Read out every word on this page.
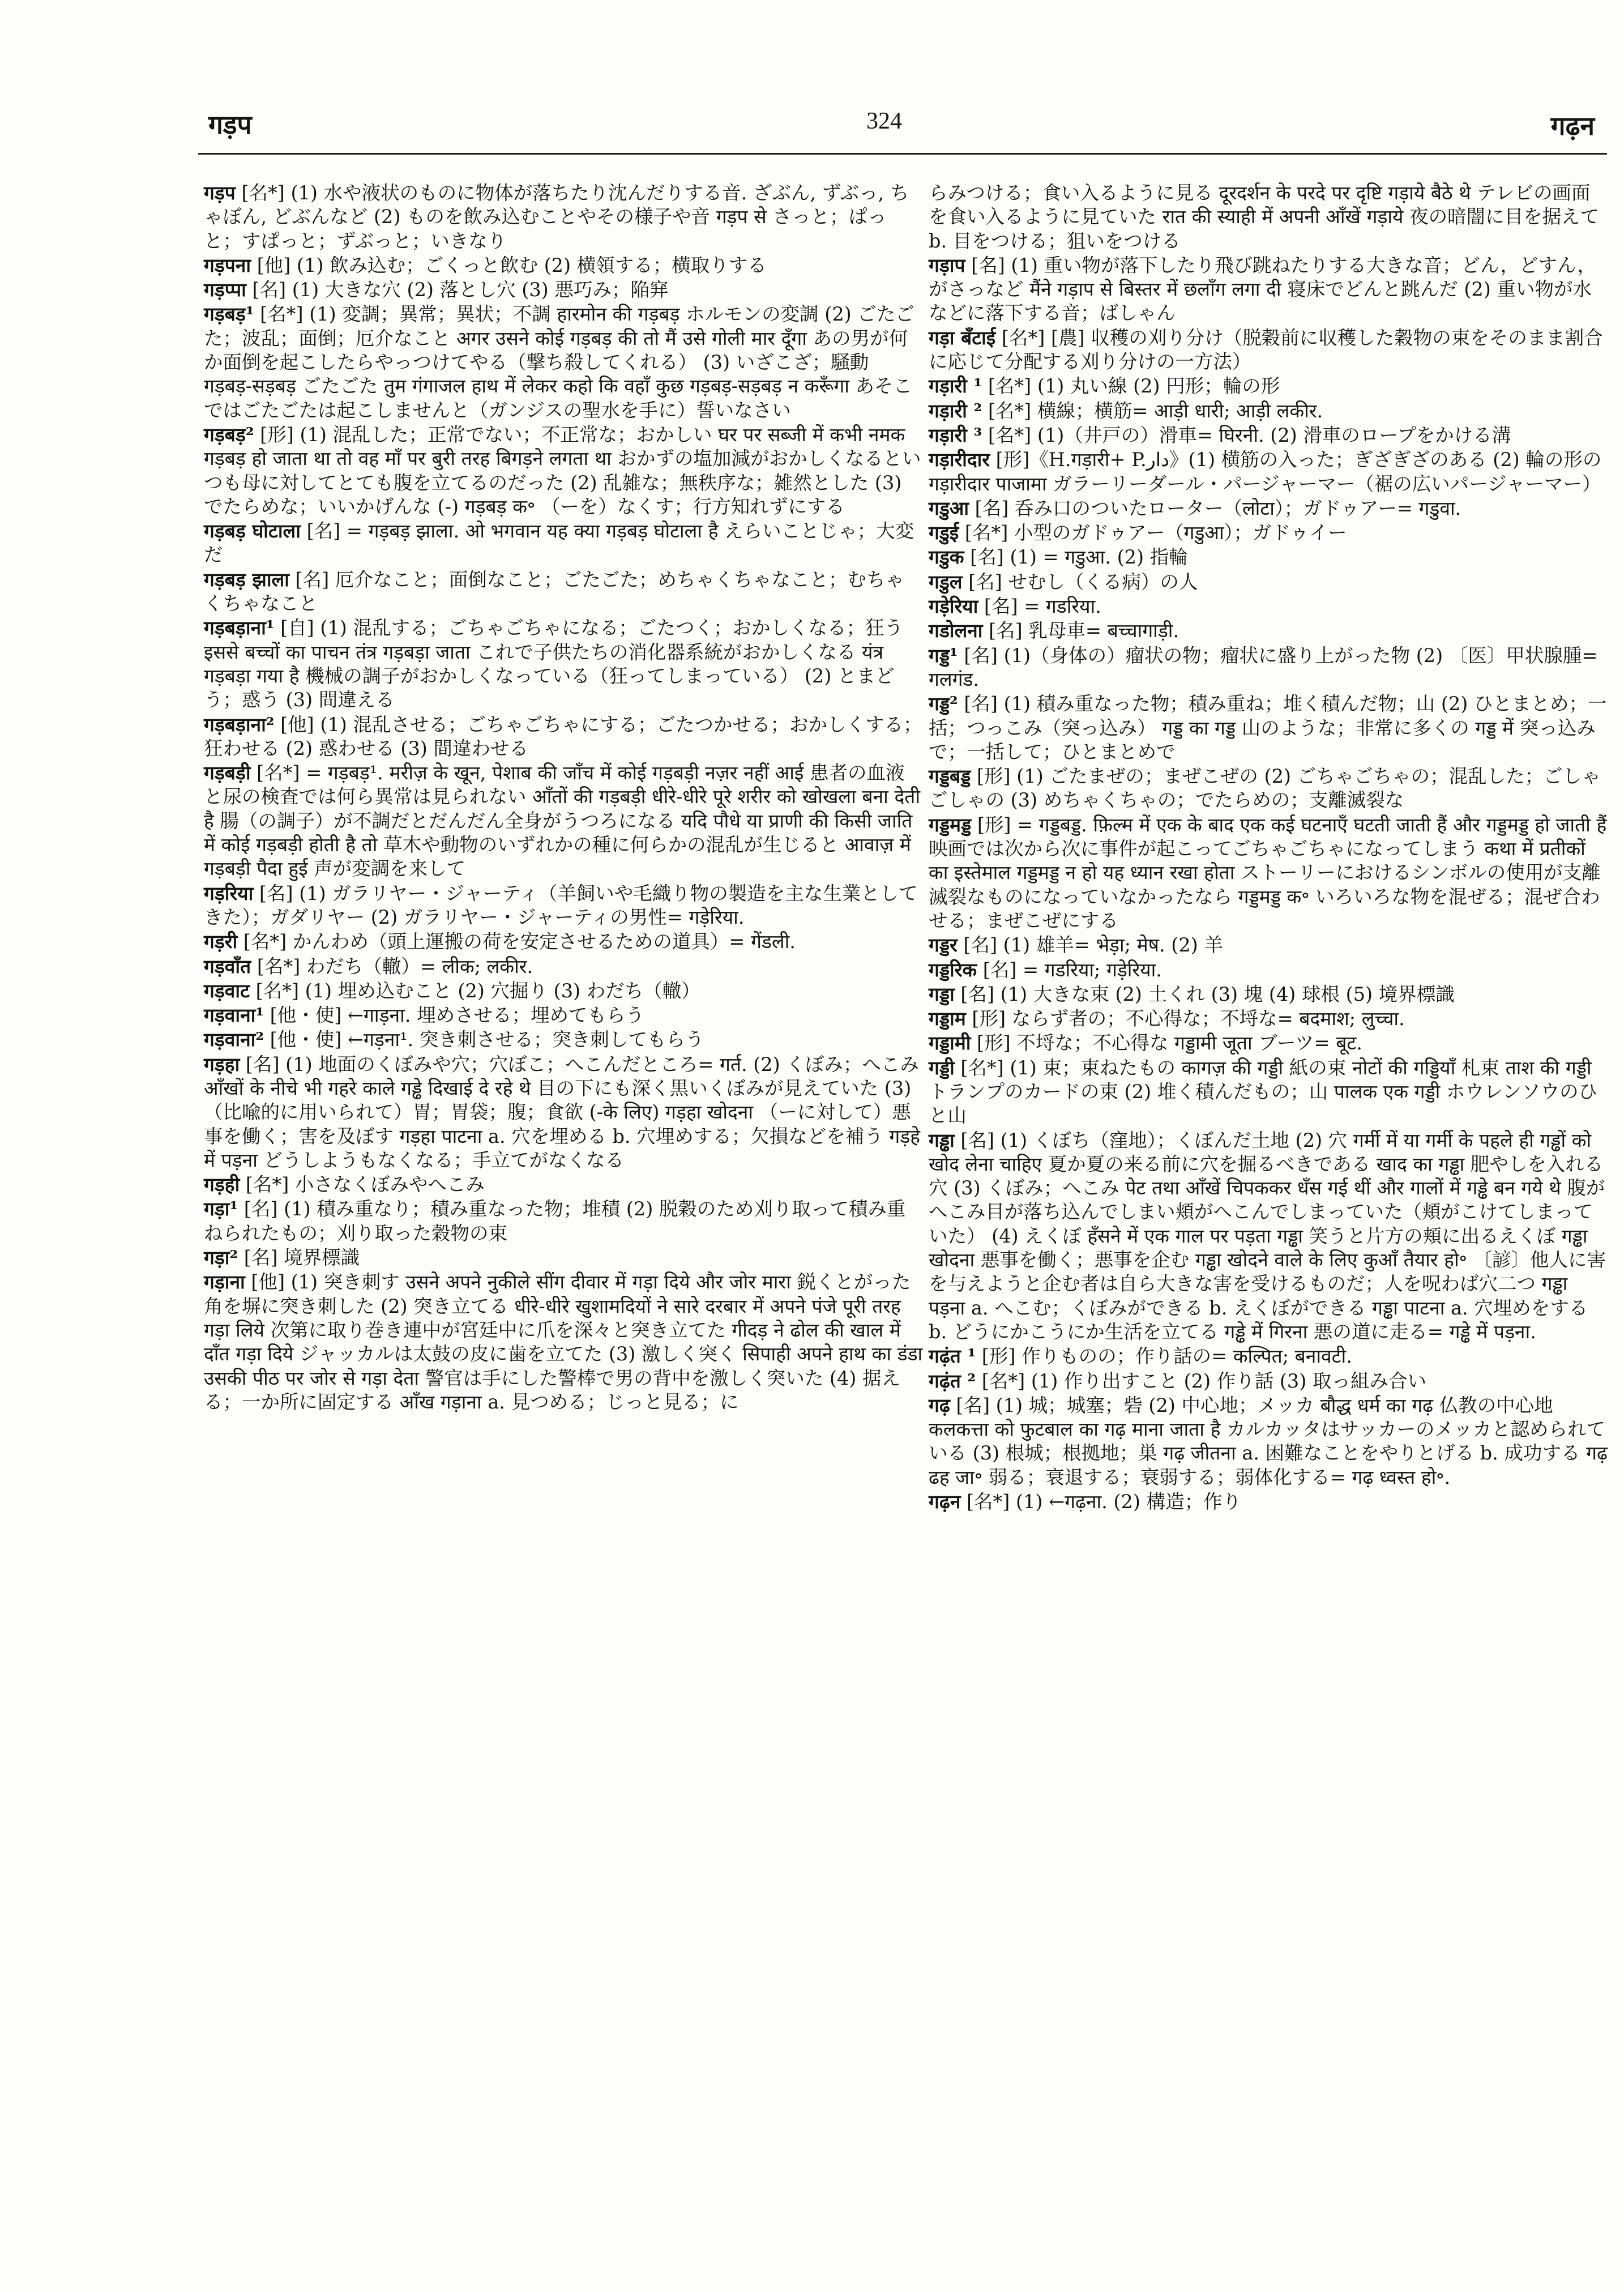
गड़प	324	गढ़न

गड़प [名*] (1) 水や液状のものに物体が落ちたり沈んだりする音. ざぶん, ずぶっ, ちゃぼん, どぶんなど (2) ものを飲み込むことやその様子や音 गड़प से さっと；ぱっと；すぱっと；ずぶっと；いきなり

गड़पना [他] (1) 飲み込む；ごくっと飲む (2) 横領する；横取りする

गड़प्पा [名] (1) 大きな穴 (2) 落とし穴 (3) 悪巧み；陥穽

गड़बड़¹ [名*] (1) 変調；異常；異状；不調 हारमोन की गड़बड़ ホルモンの変調 (2) ごたごた；波乱；面倒；厄介なこと अगर उसने कोई गड़बड़ की तो मैं उसे गोली मार दूँगा あの男が何か面倒を起こしたらやっつけてやる（撃ち殺してくれる） (3) いざこざ；騒動 गड़बड़-सड़बड़ ごたごた तुम गंगाजल हाथ में लेकर कहो कि वहाँ कुछ गड़बड़-सड़बड़ न करूँगा あそこではごたごたは起こしませんと（ガンジスの聖水を手に）誓いなさい

गड़बड़² [形] (1) 混乱した；正常でない；不正常な；おかしい घर पर सब्जी में कभी नमक गड़बड़ हो जाता था तो वह माँ पर बुरी तरह बिगड़ने लगता था おかずの塩加減がおかしくなるといつも母に対してとても腹を立てるのだった (2) 乱雑な；無秩序な；雑然とした (3) でたらめな；いいかげんな (-) गड़बड़ क॰ （ーを）なくす；行方知れずにする

गड़बड़ घोटाला [名] = गड़बड़ झाला. ओ भगवान यह क्या गड़बड़ घोटाला है えらいことじゃ；大変だ

गड़बड़ झाला [名] 厄介なこと；面倒なこと；ごたごた；めちゃくちゃなこと；むちゃくちゃなこと

गड़बड़ाना¹ [自] (1) 混乱する；ごちゃごちゃになる；ごたつく；おかしくなる；狂う इससे बच्चों का पाचन तंत्र गड़बड़ा जाता これで子供たちの消化器系統がおかしくなる यंत्र गड़बड़ा गया है 機械の調子がおかしくなっている（狂ってしまっている） (2) とまどう；惑う (3) 間違える

गड़बड़ाना² [他] (1) 混乱させる；ごちゃごちゃにする；ごたつかせる；おかしくする；狂わせる (2) 惑わせる (3) 間違わせる

गड़बड़ी [名*] = गड़बड़¹. मरीज़ के खून, पेशाब की जाँच में कोई गड़बड़ी नज़र नहीं आई 患者の血液と尿の検査では何ら異常は見られない आँतों की गड़बड़ी धीरे-धीरे पूरे शरीर को खोखला बना देती है 腸（の調子）が不調だとだんだん全身がうつろになる यदि पौधे या प्राणी की किसी जाति में कोई गड़बड़ी होती है तो 草木や動物のいずれかの種に何らかの混乱が生じると आवाज़ में गड़बड़ी पैदा हुई 声が変調を来して

गड़रिया [名] (1) ガラリヤー・ジャーティ（羊飼いや毛織り物の製造を主な生業としてきた）；ガダリヤー (2) ガラリヤー・ジャーティの男性= गड़ेरिया.

गड़री [名*] かんわめ（頭上運搬の荷を安定させるための道具）= गेंडली.

गड़वाँत [名*] わだち（轍）= लीक; लकीर.

गड़वाट [名*] (1) 埋め込むこと (2) 穴掘り (3) わだち（轍）

गड़वाना¹ [他・使] ←गाड़ना. 埋めさせる；埋めてもらう

गड़वाना² [他・使] ←गड़ना¹. 突き刺させる；突き刺してもらう

गड़हा [名] (1) 地面のくぼみや穴；穴ぼこ；へこんだところ= गर्त. (2) くぼみ；へこみ आँखों के नीचे भी गहरे काले गड्ढे दिखाई दे रहे थे 目の下にも深く黒いくぼみが見えていた (3)（比喩的に用いられて）胃；胃袋；腹；食欲 (-के लिए) गड़हा खोदना （ーに対して）悪事を働く；害を及ぼす गड़हा पाटना a. 穴を埋める b. 穴埋めする；欠損などを補う गड़हे में पड़ना どうしようもなくなる；手立てがなくなる

गड़ही [名*] 小さなくぼみやへこみ

गड़ा¹ [名] (1) 積み重なり；積み重なった物；堆積 (2) 脱穀のため刈り取って積み重ねられたもの；刈り取った穀物の束

गड़ा² [名] 境界標識

गड़ाना [他] (1) 突き刺す उसने अपने नुकीले सींग दीवार में गड़ा दिये और जोर मारा 鋭くとがった角を塀に突き刺した (2) 突き立てる धीरे-धीरे खुशामदियों ने सारे दरबार में अपने पंजे पूरी तरह गड़ा लिये 次第に取り巻き連中が宮廷中に爪を深々と突き立てた गीदड़ ने ढोल की खाल में दाँत गड़ा दिये ジャッカルは太鼓の皮に歯を立てた (3) 激しく突く सिपाही अपने हाथ का डंडा उसकी पीठ पर जोर से गड़ा देता 警官は手にした警棒で男の背中を激しく突いた (4) 据える；一か所に固定する आँख गड़ाना a. 見つめる；じっと見る；に

らみつける；食い入るように見る दूरदर्शन के परदे पर दृष्टि गड़ाये बैठे थे テレビの画面を食い入るように見ていた रात की स्याही में अपनी आँखें गड़ाये 夜の暗闇に目を据えて b. 目をつける；狙いをつける

गड़ाप [名] (1) 重い物が落下したり飛び跳ねたりする大きな音；どん，どすん，がさっなど मैंने गड़ाप से बिस्तर में छलाँग लगा दी 寝床でどんと跳んだ (2) 重い物が水などに落下する音；ばしゃん

गड़ा बँटाई [名*] [農] 収穫の刈り分け（脱穀前に収穫した穀物の束をそのまま割合に応じて分配する刈り分けの一方法）

गड़ारी ¹ [名*] (1) 丸い線 (2) 円形；輪の形

गड़ारी ² [名*] 横線；横筋= आड़ी धारी; आड़ी लकीर.

गड़ारी ³ [名*] (1)（井戸の）滑車= घिरनी. (2) 滑車のロープをかける溝

गड़ारीदार [形]《H.गड़ारी+ P.دار》(1) 横筋の入った；ぎざぎざのある (2) 輪の形の गड़ारीदार पाजामा ガラーリーダール・パージャーマー（裾の広いパージャーマー）

गडुआ [名] 呑み口のついたローター（लोटा）；ガドゥアー= गडुवा.

गडुई [名*] 小型のガドゥアー（गडुआ）；ガドゥイー

गडुक [名] (1) = गडुआ. (2) 指輪

गडुल [名] せむし（くる病）の人

गड़ेरिया [名] = गडरिया.

गडोलना [名] 乳母車= बच्चागाड़ी.

गड्ड¹ [名] (1)（身体の）瘤状の物；瘤状に盛り上がった物 (2) 〔医〕甲状腺腫= गलगंड.

गड्ड² [名] (1) 積み重なった物；積み重ね；堆く積んだ物；山 (2) ひとまとめ；一括；つっこみ（突っ込み） गड्ड का गड्ड 山のような；非常に多くの गड्ड में 突っ込みで；一括して；ひとまとめで

गड्डबड्ड [形] (1) ごたまぜの；まぜこぜの (2) ごちゃごちゃの；混乱した；ごしゃごしゃの (3) めちゃくちゃの；でたらめの；支離滅裂な

गड्डमड्ड [形] = गड्डबड्ड. फ़िल्म में एक के बाद एक कई घटनाएँ घटती जाती हैं और गड्डमड्ड हो जाती हैं 映画では次から次に事件が起こってごちゃごちゃになってしまう कथा में प्रतीकों का इस्तेमाल गड्डमड्ड न हो यह ध्यान रखा होता ストーリーにおけるシンボルの使用が支離滅裂なものになっていなかったなら गड्डमड्ड क॰ いろいろな物を混ぜる；混ぜ合わせる；まぜこぜにする

गड्डर [名] (1) 雄羊= भेड़ा; मेष. (2) 羊

गड्डरिक [名] = गडरिया; गड़ेरिया.

गड्डा [名] (1) 大きな束 (2) 土くれ (3) 塊 (4) 球根 (5) 境界標識

गड्डाम [形] ならず者の；不心得な；不埒な= बदमाश; लुच्चा.

गड्डामी [形] 不埒な；不心得な गड्डामी जूता ブーツ= बूट.

गड्डी [名*] (1) 束；束ねたもの कागज़ की गड्डी 紙の束 नोटों की गड्डियाँ 札束 ताश की गड्डी トランプのカードの束 (2) 堆く積んだもの；山 पालक एक गड्डी ホウレンソウのひと山

गड्ढा [名] (1) くぼち（窪地）；くぼんだ土地 (2) 穴 गर्मी में या गर्मी के पहले ही गड्ढों को खोद लेना चाहिए 夏か夏の来る前に穴を掘るべきである खाद का गड्ढा 肥やしを入れる穴 (3) くぼみ；へこみ पेट तथा आँखें चिपककर धँस गई थीं और गालों में गड्ढे बन गये थे 腹がへこみ目が落ち込んでしまい頬がへこんでしまっていた（頬がこけてしまっていた） (4) えくぼ हँसने में एक गाल पर पड़ता गड्ढा 笑うと片方の頬に出るえくぼ गड्ढा खोदना 悪事を働く；悪事を企む गड्ढा खोदने वाले के लिए कुआँ तैयार हो॰ 〔諺〕他人に害を与えようと企む者は自ら大きな害を受けるものだ；人を呪わば穴二つ गड्ढा पड़ना a. へこむ；くぼみができる b. えくぼができる गड्ढा पाटना a. 穴埋めをする b. どうにかこうにか生活を立てる गड्ढे में गिरना 悪の道に走る= गड्ढे में पड़ना.

गढ़ंत ¹ [形] 作りものの；作り話の= कल्पित; बनावटी.

गढ़ंत ² [名*] (1) 作り出すこと (2) 作り話 (3) 取っ組み合い

गढ़ [名] (1) 城；城塞；砦 (2) 中心地；メッカ बौद्ध धर्म का गढ़ 仏教の中心地 कलकत्ता को फुटबाल का गढ़ माना जाता है カルカッタはサッカーのメッカと認められている (3) 根城；根拠地；巣 गढ़ जीतना a. 困難なことをやりとげる b. 成功する गढ़ ढह जा॰ 弱る；衰退する；衰弱する；弱体化する= गढ़ ध्वस्त हो॰.

गढ़न [名*] (1) ←गढ़ना. (2) 構造；作り
